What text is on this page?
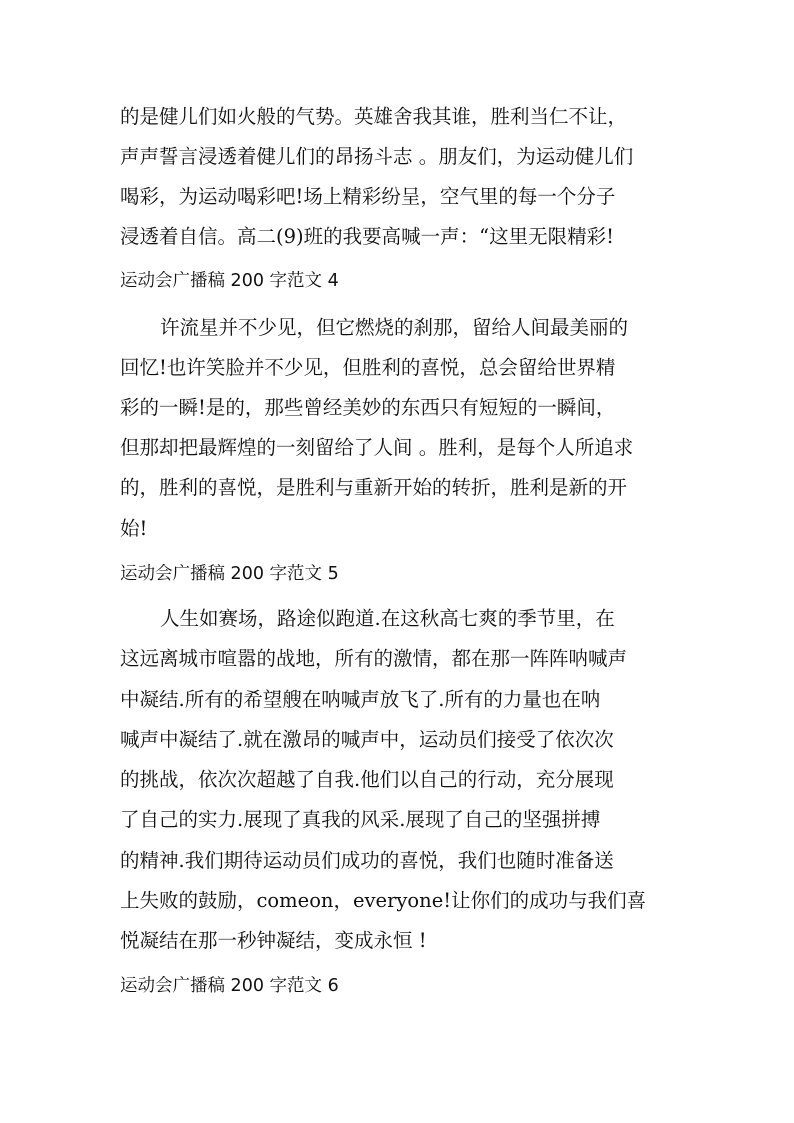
的是健儿们如火般的气势。英雄舍我其谁，胜利当仁不让，
声声誓言浸透着健儿们的昂扬斗志 。朋友们，为运动健儿们
喝彩，为运动喝彩吧!场上精彩纷呈，空气里的每一个分子
浸透着自信。高二(9)班的我要高喊一声：“这里无限精彩!
运动会广播稿 200 字范文 4
许流星并不少见，但它燃烧的刹那，留给人间最美丽的
回忆!也许笑脸并不少见，但胜利的喜悦，总会留给世界精
彩的一瞬!是的，那些曾经美妙的东西只有短短的一瞬间，
但那却把最辉煌的一刻留给了人间 。胜利，是每个人所追求
的，胜利的喜悦，是胜利与重新开始的转折，胜利是新的开
始!
运动会广播稿 200 字范文 5
人生如赛场，路途似跑道.在这秋高七爽的季节里，在
这远离城市喧嚣的战地，所有的激情，都在那一阵阵呐喊声
中凝结.所有的希望艘在呐喊声放飞了.所有的力量也在呐
喊声中凝结了.就在激昂的喊声中，运动员们接受了依次次
的挑战，依次次超越了自我.他们以自己的行动，充分展现
了自己的实力.展现了真我的风采.展现了自己的坚强拼搏
的精神.我们期待运动员们成功的喜悦，我们也随时准备送
上失败的鼓励，comeon，everyone!让你们的成功与我们喜
悦凝结在那一秒钟凝结，变成永恒 !
运动会广播稿 200 字范文 6
